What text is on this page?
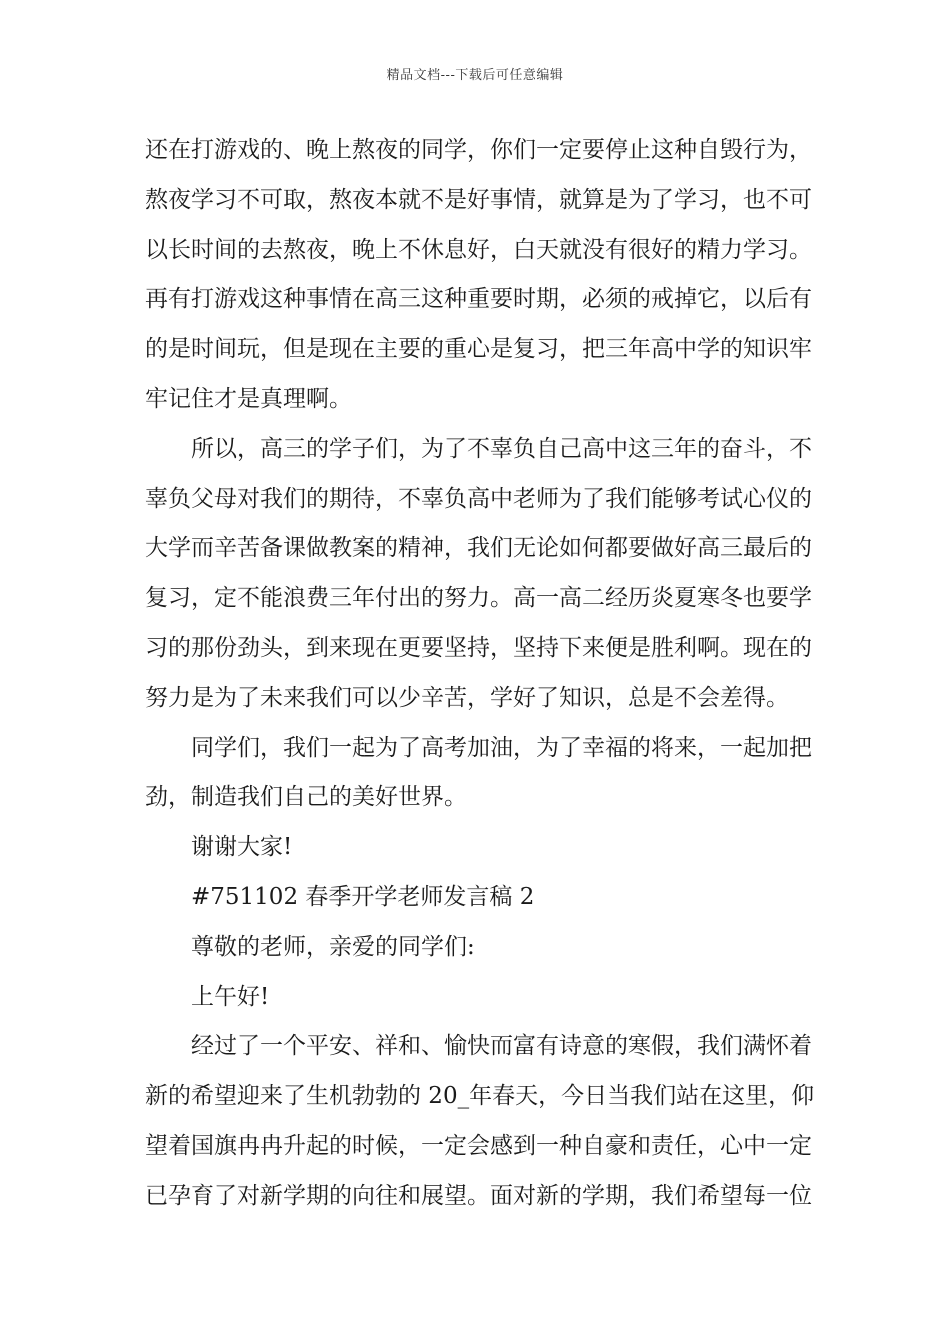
精品文档---下载后可任意编辑
还在打游戏的、晚上熬夜的同学，你们一定要停止这种自毁行为，
熬夜学习不可取，熬夜本就不是好事情，就算是为了学习，也不可
以长时间的去熬夜，晚上不休息好，白天就没有很好的精力学习。
再有打游戏这种事情在高三这种重要时期，必须的戒掉它，以后有
的是时间玩，但是现在主要的重心是复习，把三年高中学的知识牢
牢记住才是真理啊。
所以，高三的学子们，为了不辜负自己高中这三年的奋斗，不
辜负父母对我们的期待，不辜负高中老师为了我们能够考试心仪的
大学而辛苦备课做教案的精神，我们无论如何都要做好高三最后的
复习，定不能浪费三年付出的努力。高一高二经历炎夏寒冬也要学
习的那份劲头，到来现在更要坚持，坚持下来便是胜利啊。现在的
努力是为了未来我们可以少辛苦，学好了知识，总是不会差得。
同学们，我们一起为了高考加油，为了幸福的将来，一起加把
劲，制造我们自己的美好世界。
谢谢大家!
#751102 春季开学老师发言稿 2
尊敬的老师，亲爱的同学们:
上午好!
经过了一个平安、祥和、愉快而富有诗意的寒假，我们满怀着
新的希望迎来了生机勃勃的 20_年春天，今日当我们站在这里，仰
望着国旗冉冉升起的时候，一定会感到一种自豪和责任，心中一定
已孕育了对新学期的向往和展望。面对新的学期，我们希望每一位
